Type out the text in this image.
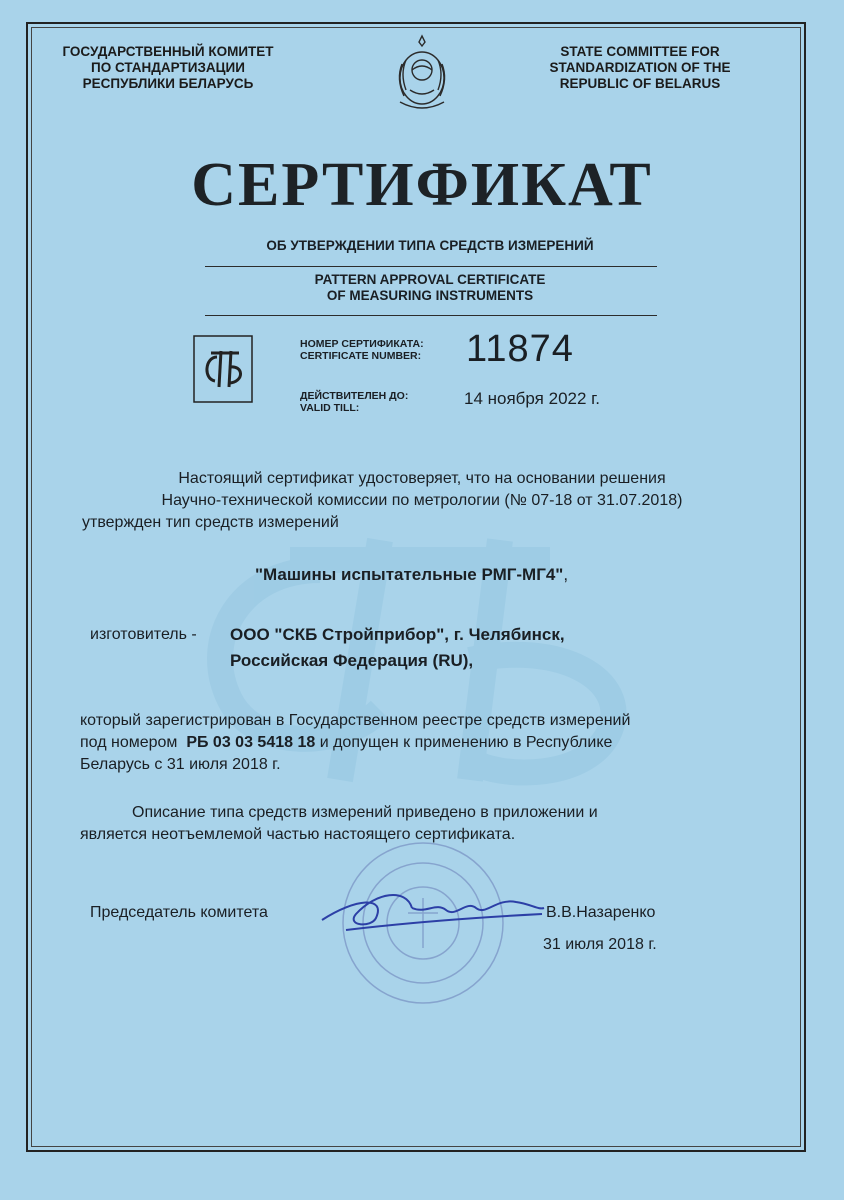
ГОСУДАРСТВЕННЫЙ КОМИТЕТ
ПО СТАНДАРТИЗАЦИИ
РЕСПУБЛИКИ БЕЛАРУСЬ
STATE COMMITTEE FOR
STANDARDIZATION OF THE
REPUBLIC OF BELARUS
СЕРТИФИКАТ
ОБ УТВЕРЖДЕНИИ ТИПА СРЕДСТВ ИЗМЕРЕНИЙ
PATTERN APPROVAL CERTIFICATE
OF MEASURING INSTRUMENTS
НОМЕР СЕРТИФИКАТА:
CERTIFICATE NUMBER: 11874
ДЕЙСТВИТЕЛЕН ДО:
VALID TILL:	14 ноября 2022 г.
Настоящий сертификат удостоверяет, что на основании решения
Научно-технической комиссии по метрологии (№ 07-18 от 31.07.2018)
утвержден тип средств измерений
"Машины испытательные РМГ-МГ4",
изготовитель - ООО "СКБ Стройприбор", г. Челябинск,
Российская Федерация (RU),
который зарегистрирован в Государственном реестре средств измерений
под номером РБ 03 03 5418 18 и допущен к применению в Республике
Беларусь с 31 июля 2018 г.
Описание типа средств измерений приведено в приложении и
является неотъемлемой частью настоящего сертификата.
Председатель комитета	В.В.Назаренко
31 июля 2018 г.
